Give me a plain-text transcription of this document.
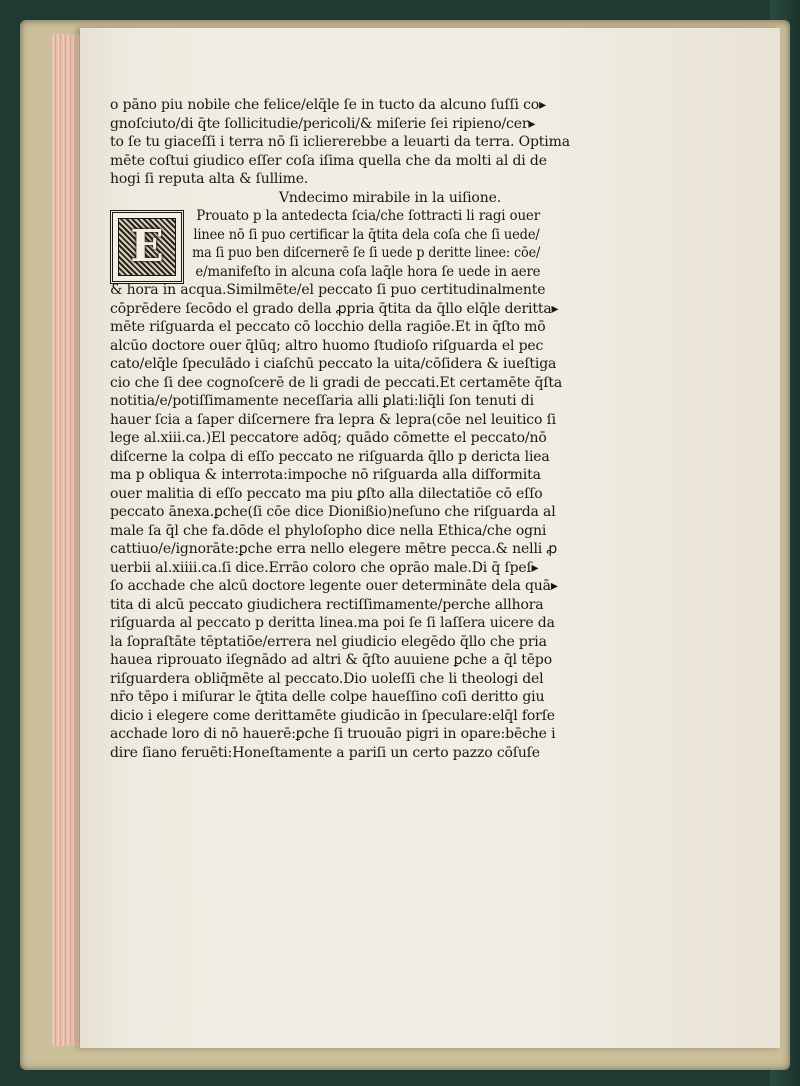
o pāno piu nobile che felice/elq̄le ſe in tucto da alcuno ſuſſi co▸
gnoſciuto/di q̄te ſollicitudie/pericoli/& miſerie ſei ripieno/cer▸
to ſe tu giaceſſi i terra nō ſi icliererebbe a leuarti da terra. Optima
mēte coſtui giudico eſſer coſa iſima quella che da molti al di de
hogi ſi reputa alta & ſullime.
Vndecimo mirabile in la uiſione.
E
Prouato p la antedecta ſcia/che ſottracti li ragi ouer
linee nō ſi puo certificar la q̄tita dela coſa che ſi uede/
ma ſi puo ben diſcernerē ſe ſi uede p deritte linee: cōe/
e/manifeſto in alcuna coſa laq̄le hora ſe uede in aere
& hora in acqua.Similmēte/el peccato ſi puo certitudinalmente
cōprēdere ſecōdo el grado della ꝓpria q̄tita da q̄llo elq̄le deritta▸
mēte riſguarda el peccato cō locchio della ragiōe.Et in q̄ſto mō
alcūo doctore ouer q̄lūq; altro huomo ſtudioſo riſguarda el pec
cato/elq̄le ſpeculādo i ciaſchū peccato la uita/cōſidera & iueſtiga
cio che ſi dee cognoſcerē de li gradi de peccati.Et certamēte q̄ſta
notitia/e/potiſſimamente neceſſaria alli ꝑlati:liq̄li ſon tenuti di
hauer ſcia a ſaper diſcernere fra lepra & lepra(cōe nel leuitico ſi
lege al.xiii.ca.)El peccatore adōq; quādo cōmette el peccato/nō
diſcerne la colpa di eſſo peccato ne riſguarda q̄llo p dericta liea
ma p obliqua & interrota:impoche nō riſguarda alla diſformita
ouer malitia di eſſo peccato ma piu ꝑſto alla dilectatiōe cō eſſo
peccato ānexa.ꝑche(ſi cōe dice Dionißio)neſuno che riſguarda al
male ſa q̄l che fa.dōde el phyloſopho dice nella Ethica/che ogni
cattiuo/e/ignorāte:ꝑche erra nello elegere mētre pecca.& nelli ꝓ
uerbii al.xiiii.ca.ſi dice.Errāo coloro che oprāo male.Di q̄ ſpeſ▸
ſo acchade che alcū doctore legente ouer determināte dela quā▸
tita di alcū peccato giudichera rectiſſimamente/perche allhora
riſguarda al peccato p deritta linea.ma poi ſe ſi laſſera uicere da
la ſopraſtāte tēptatiōe/errera nel giudicio elegēdo q̄llo che pria
hauea riprouato iſegnādo ad altri & q̄ſto auuiene ꝑche a q̄l tēpo
riſguardera obliq̄mēte al peccato.Dio uoleſſi che li theologi del
nr̄o tēpo i miſurar le q̄tita delle colpe haueſſino coſi deritto giu
dicio i elegere come derittamēte giudicāo in ſpeculare:elq̄l forſe
acchade loro di nō hauerē:ꝑche ſi truouāo pigri in opare:bēche i
dire ſiano feruēti:Honeſtamente a pariſi un certo pazzo cōſuſe
